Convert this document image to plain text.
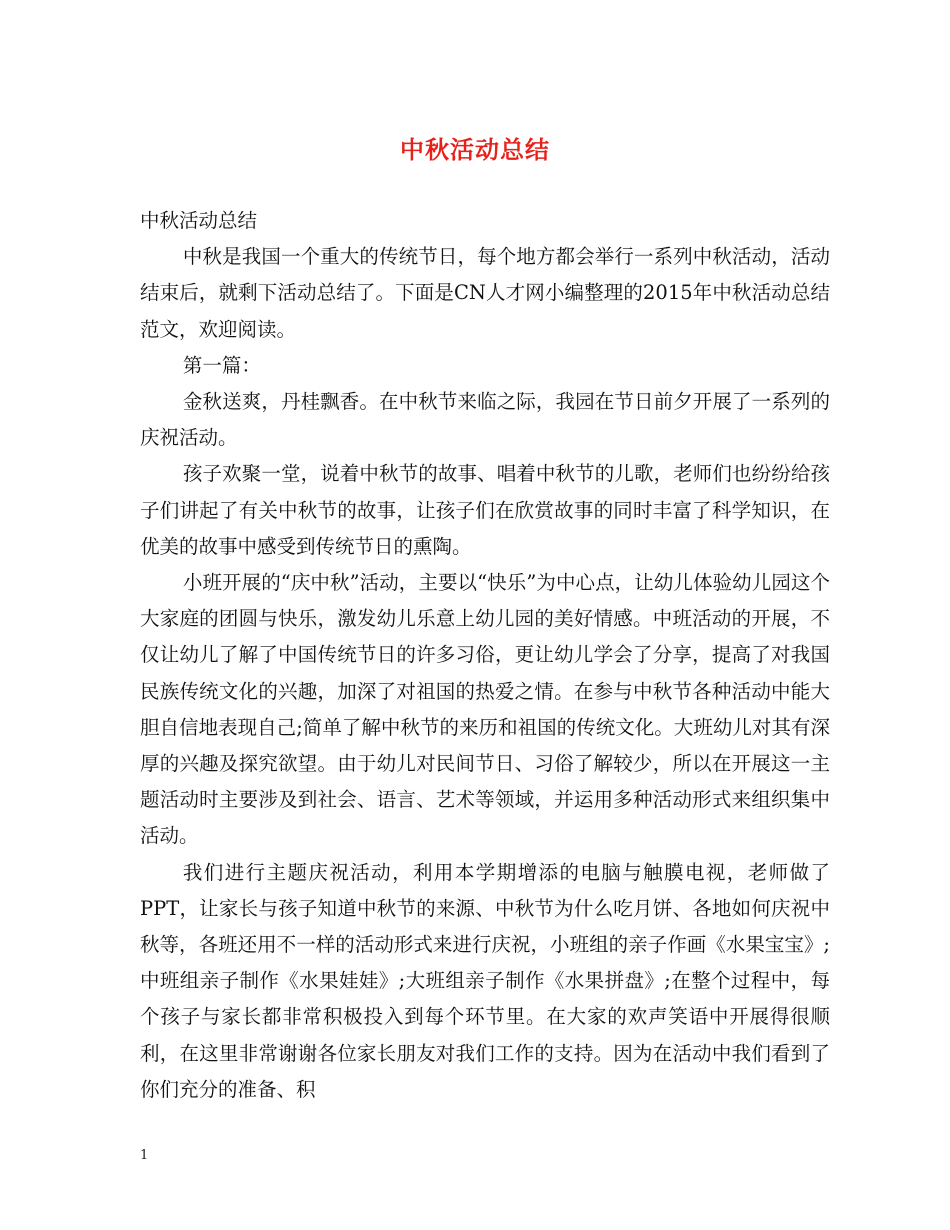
中秋活动总结

中秋活动总结

中秋是我国一个重大的传统节日，每个地方都会举行一系列中秋活动，活动结束后，就剩下活动总结了。下面是CN人才网小编整理的2015年中秋活动总结范文，欢迎阅读。

第一篇：

金秋送爽，丹桂飘香。在中秋节来临之际，我园在节日前夕开展了一系列的庆祝活动。

孩子欢聚一堂，说着中秋节的故事、唱着中秋节的儿歌，老师们也纷纷给孩子们讲起了有关中秋节的故事，让孩子们在欣赏故事的同时丰富了科学知识，在优美的故事中感受到传统节日的熏陶。

小班开展的“庆中秋”活动，主要以“快乐”为中心点，让幼儿体验幼儿园这个大家庭的团圆与快乐，激发幼儿乐意上幼儿园的美好情感。中班活动的开展，不仅让幼儿了解了中国传统节日的许多习俗，更让幼儿学会了分享，提高了对我国民族传统文化的兴趣，加深了对祖国的热爱之情。在参与中秋节各种活动中能大胆自信地表现自己;简单了解中秋节的来历和祖国的传统文化。大班幼儿对其有深厚的兴趣及探究欲望。由于幼儿对民间节日、习俗了解较少，所以在开展这一主题活动时主要涉及到社会、语言、艺术等领域，并运用多种活动形式来组织集中活动。

我们进行主题庆祝活动，利用本学期增添的电脑与触膜电视，老师做了PPT，让家长与孩子知道中秋节的来源、中秋节为什么吃月饼、各地如何庆祝中秋等，各班还用不一样的活动形式来进行庆祝，小班组的亲子作画《水果宝宝》;中班组亲子制作《水果娃娃》;大班组亲子制作《水果拼盘》;在整个过程中，每个孩子与家长都非常积极投入到每个环节里。在大家的欢声笑语中开展得很顺利，在这里非常谢谢各位家长朋友对我们工作的支持。因为在活动中我们看到了你们充分的准备、积

1
